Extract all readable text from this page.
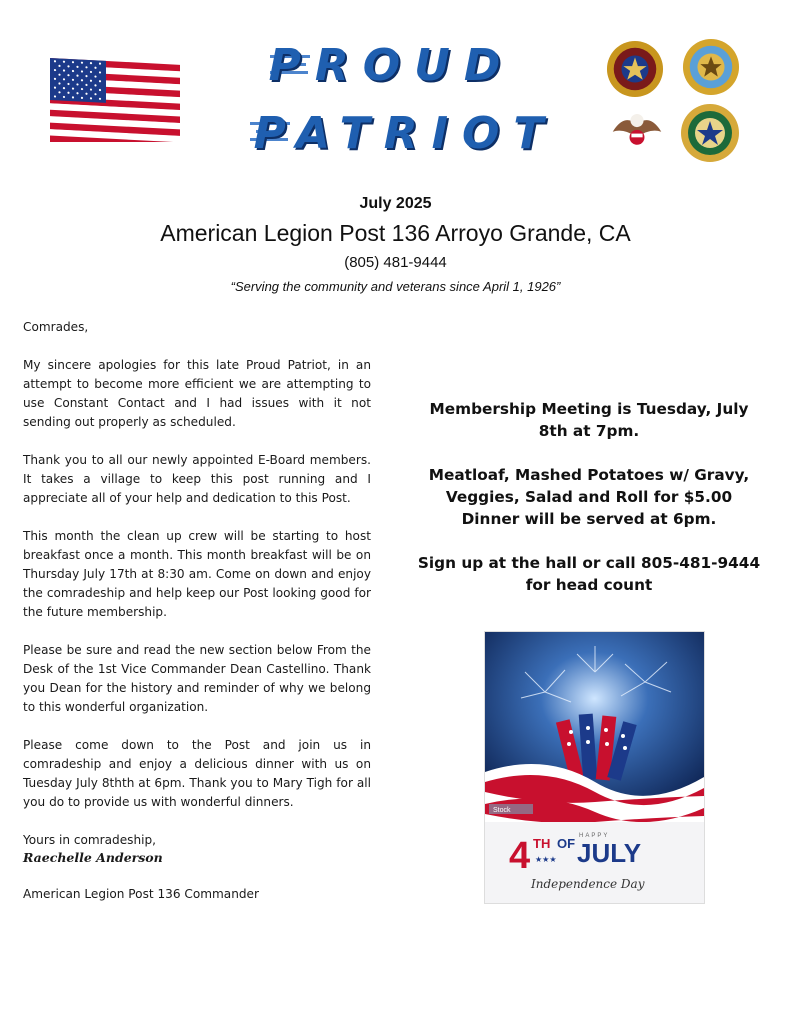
PROUD
PATRIOT
July 2025
American Legion Post 136 Arroyo Grande, CA
(805) 481-9444
“Serving the community and veterans since April 1, 1926”

Comrades,

My sincere apologies for this late Proud Patriot, in an attempt to become more efficient we are attempting to use Constant Contact and I had issues with it not sending out properly as scheduled.

Thank you to all our newly appointed E-Board members. It takes a village to keep this post running and I appreciate all of your help and dedication to this Post.

This month the clean up crew will be starting to host breakfast once a month. This month breakfast will be on Thursday July 17th at 8:30 am. Come on down and enjoy the comradeship and help keep our Post looking good for the future membership.

Please be sure and read the new section below From the Desk of the 1st Vice Commander Dean Castellino. Thank you Dean for the history and reminder of why we belong to this wonderful organization.

Please come down to the Post and join us in comradeship and enjoy a delicious dinner with us on Tuesday July 8thth at 6pm. Thank you to Mary Tigh for all you do to provide us with wonderful dinners.

Yours in comradeship,

Raechelle Anderson

American Legion Post 136 Commander

Membership Meeting is Tuesday, July 8th at 7pm.

Meatloaf, Mashed Potatoes w/ Gravy, Veggies, Salad and Roll for $5.00

Dinner will be served at 6pm.

Sign up at the hall or call 805-481-9444 for head count

Stock
HAPPY
4 TH OF JULY
★★★
Independence Day
